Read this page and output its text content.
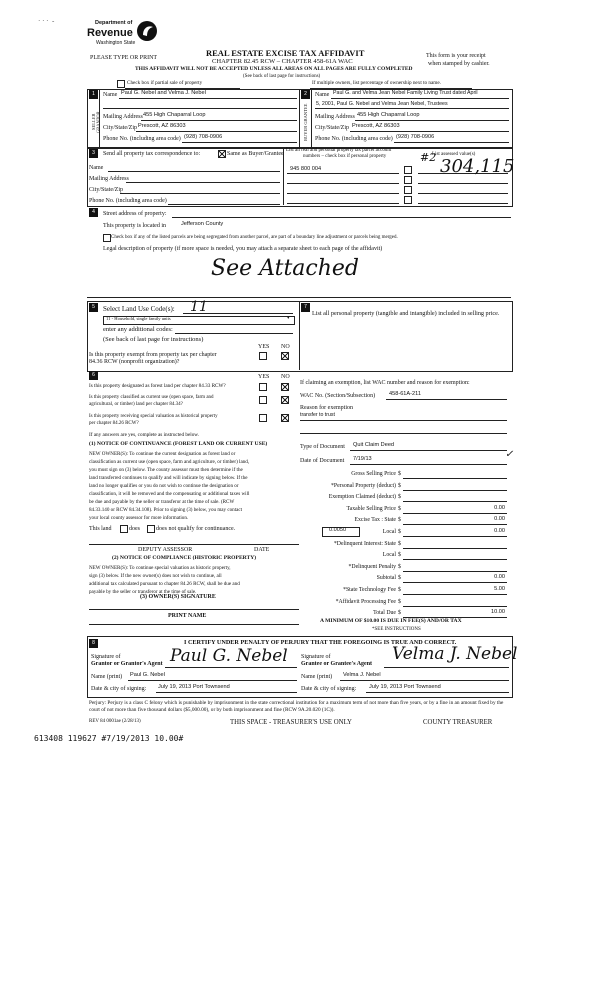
· · ·  -	Department of
Revenue
Washington State
PLEASE TYPE OR PRINT	REAL ESTATE EXCISE TAX AFFIDAVIT
CHAPTER 82.45 RCW – CHAPTER 458-61A WAC
THIS AFFIDAVIT WILL NOT BE ACCEPTED UNLESS ALL AREAS ON ALL PAGES ARE FULLY COMPLETED
(See back of last page for instructions)
This form is your receipt
when stamped by cashier.
Check box if partial sale of property	If multiple owners, list percentage of ownership next to name.
1	2
SELLER GRANTOR	BUYER GRANTEE
Name Paul G. Nebel and Velma J. Nebel
Mailing Address 455 High Chaparral Loop
City/State/Zip Prescott, AZ 86303
Phone No. (including area code) (928) 708-0906
Name Paul G. and Velma Jean Nebel Family Living Trust dated April
5, 2001, Paul G. Nebel and Velma Jean Nebel, Trustees
Mailing Address 455 High Chaparral Loop
City/State/Zip Prescott, AZ 86303
Phone No. (including area code) (928) 708-0906
3	Send all property tax correspondence to:	Same as Buyer/Grantee
Name
Mailing Address
City/State/Zip
Phone No. (including area code)
List all real and personal property tax parcel account
numbers – check box if personal property	List assessed value(s)
945 800 004
#2 304,115
4	Street address of property:
This property is located in	Jefferson County
Check box if any of the listed parcels are being segregated from another parcel, are part of a boundary line adjustment or parcels being merged.
Legal description of property (if more space is needed, you may attach a separate sheet to each page of the affidavit)
See Attached
5	Select Land Use Code(s): 11
11 - Household, single family units	▾
enter any additional codes:
(See back of last page for instructions)
YES NO
Is this property exempt from property tax per chapter
84.36 RCW (nonprofit organization)?
7
List all personal property (tangible and intangible) included in selling price.
6	YES NO
Is this property designated as forest land per chapter 84.33 RCW?
Is this property classified as current use (open space, farm and
agricultural, or timber) land per chapter 84.34?
Is this property receiving special valuation as historical property
per chapter 84.26 RCW?
If any answers are yes, complete as instructed below.
(1) NOTICE OF CONTINUANCE (FOREST LAND OR CURRENT USE)
NEW OWNER(S): To continue the current designation as forest land or
classification as current use (open space, farm and agriculture, or timber) land,
you must sign on (3) below. The county assessor must then determine if the
land transferred continues to qualify and will indicate by signing below. If the
land no longer qualifies or you do not wish to continue the designation or
classification, it will be removed and the compensating or additional taxes will
be due and payable by the seller or transferor at the time of sale. (RCW
84.33.140 or RCW 84.34.108). Prior to signing (3) below, you may contact
your local county assessor for more information.
This land	does	does not qualify for continuance.
DEPUTY ASSESSOR	DATE
(2) NOTICE OF COMPLIANCE (HISTORIC PROPERTY)
NEW OWNER(S): To continue special valuation as historic property,
sign (3) below. If the new owner(s) does not wish to continue, all
additional tax calculated pursuant to chapter 84.26 RCW, shall be due and
payable by the seller or transferor at the time of sale.
(3) OWNER(S) SIGNATURE
PRINT NAME
If claiming an exemption, list WAC number and reason for exemption:
WAC No. (Section/Subsection) 458-61A-211
Reason for exemption
transfer to trust
Type of Document Quit Claim Deed
Date of Document 7/19/13	✓
Gross Selling Price $
*Personal Property (deduct) $
Exemption Claimed (deduct) $
Taxable Selling Price $	0.00
Excise Tax : State $	0.00
Local $	0.00
*Delinquent Interest: State $
Local $
*Delinquent Penalty $
Subtotal $	0.00
*State Technology Fee $	5.00
*Affidavit Processing Fee $
Total Due $	10.00
0.0050
A MINIMUM OF $10.00 IS DUE IN FEE(S) AND/OR TAX
*SEE INSTRUCTIONS
8	I CERTIFY UNDER PENALTY OF PERJURY THAT THE FOREGOING IS TRUE AND CORRECT.
Signature of
Grantor or Grantor's Agent Paul G. Nebel
Name (print) Paul G. Nebel
Date & city of signing: July 19, 2013 Port Townsend
Signature of
Grantee or Grantee's Agent Velma J. Nebel
Name (print) Velma J. Nebel
Date & city of signing: July 19, 2013 Port Townsend
Perjury: Perjury is a class C felony which is punishable by imprisonment in the state correctional institution for a maximum term of not more than five years, or by a fine in an amount fixed by the court of not more than five thousand dollars ($5,000.00), or by both imprisonment and fine (RCW 9A.20.020 (1C)).
REV 84 0001ae (2/28/13)	THIS SPACE - TREASURER'S USE ONLY	COUNTY TREASURER
613408 119627 #7/19/2013 10.00#
